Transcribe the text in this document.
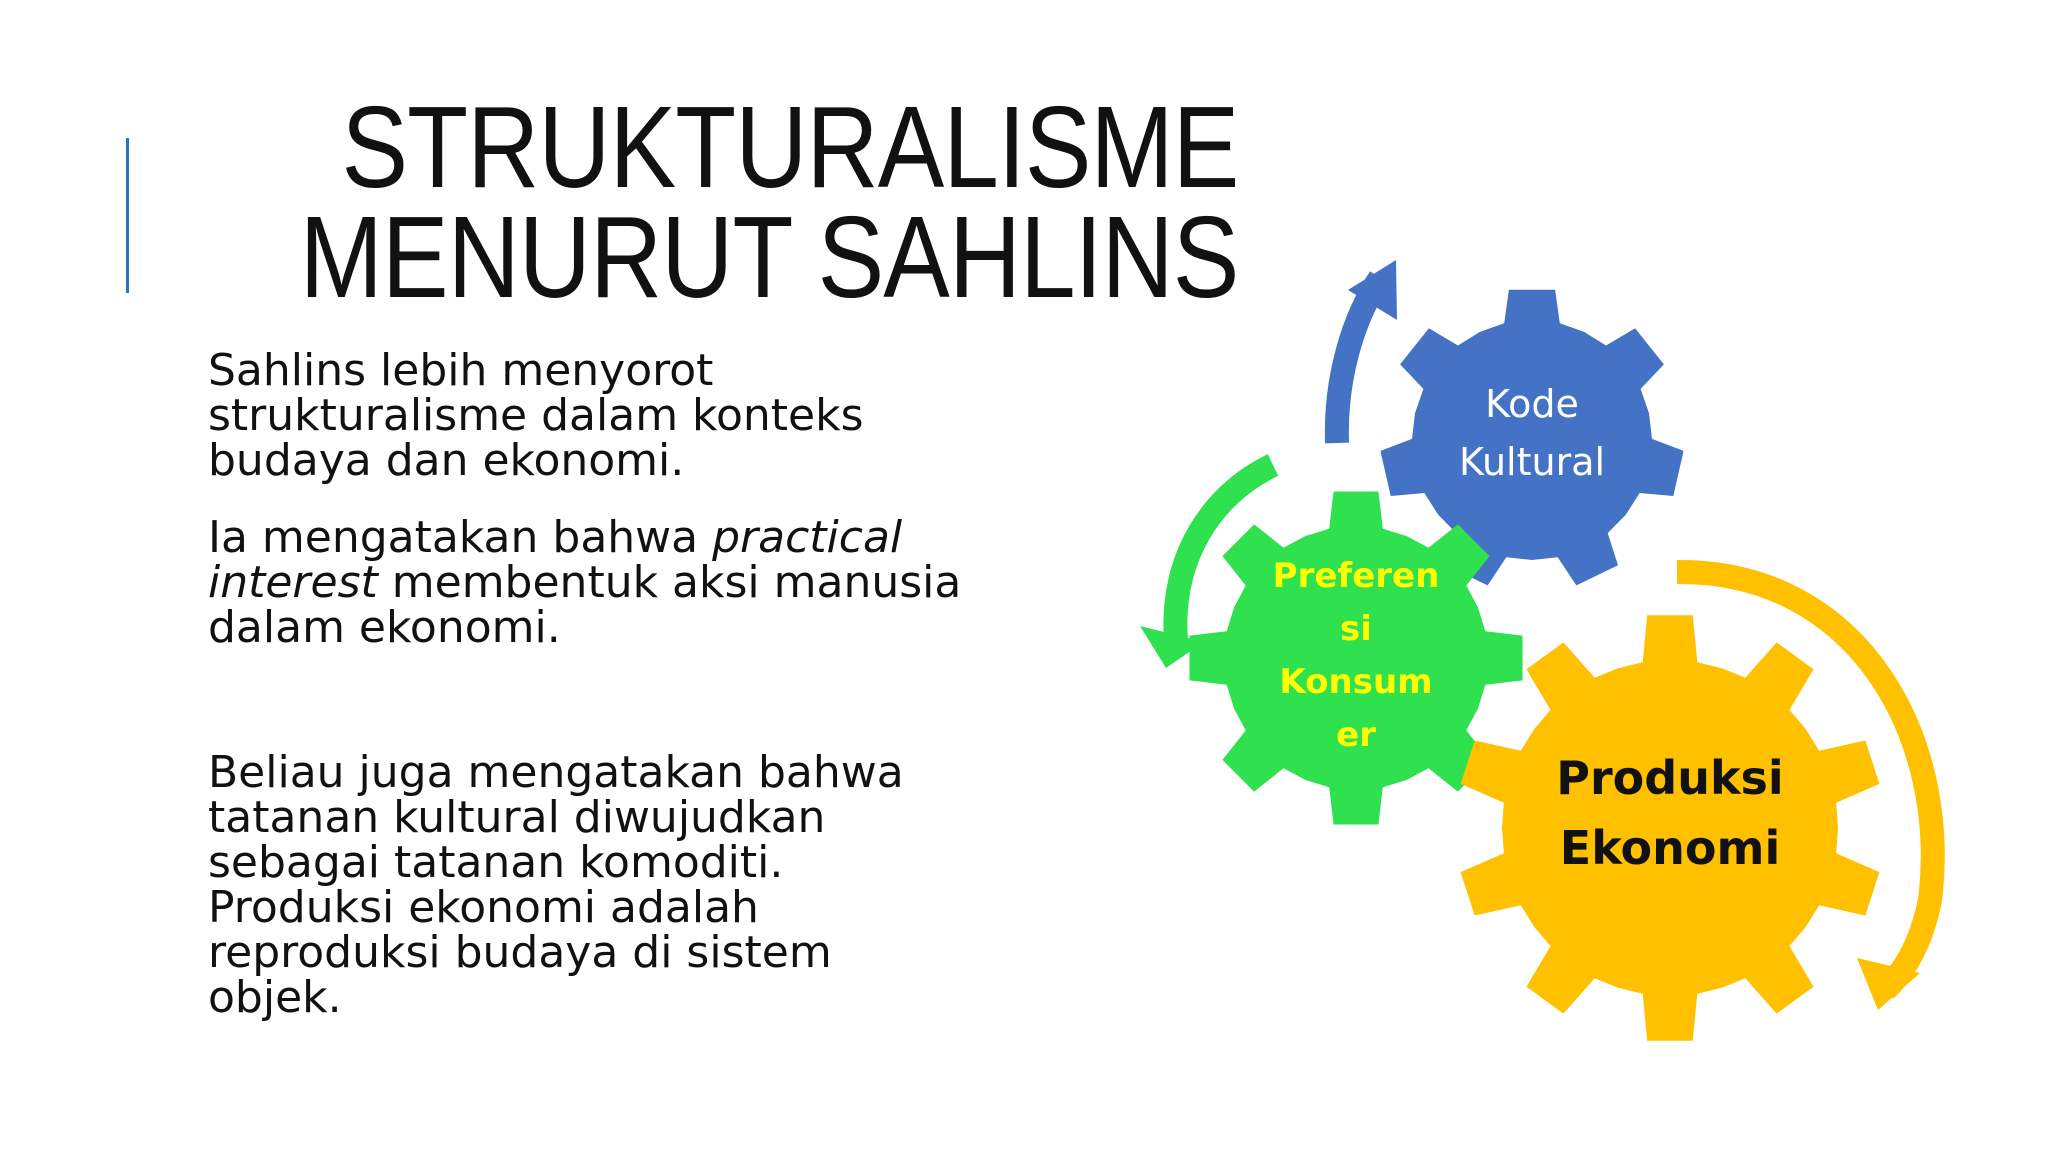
STRUKTURALISME
MENURUT SAHLINS

Sahlins lebih menyorot strukturalisme dalam konteks budaya dan ekonomi.

Ia mengatakan bahwa practical interest membentuk aksi manusia dalam ekonomi.

Beliau juga mengatakan bahwa tatanan kultural diwujudkan sebagai tatanan komoditi. Produksi ekonomi adalah reproduksi budaya di sistem objek.

Kode
Kultural
Preferen
si
Konsum
er
Produksi
Ekonomi
